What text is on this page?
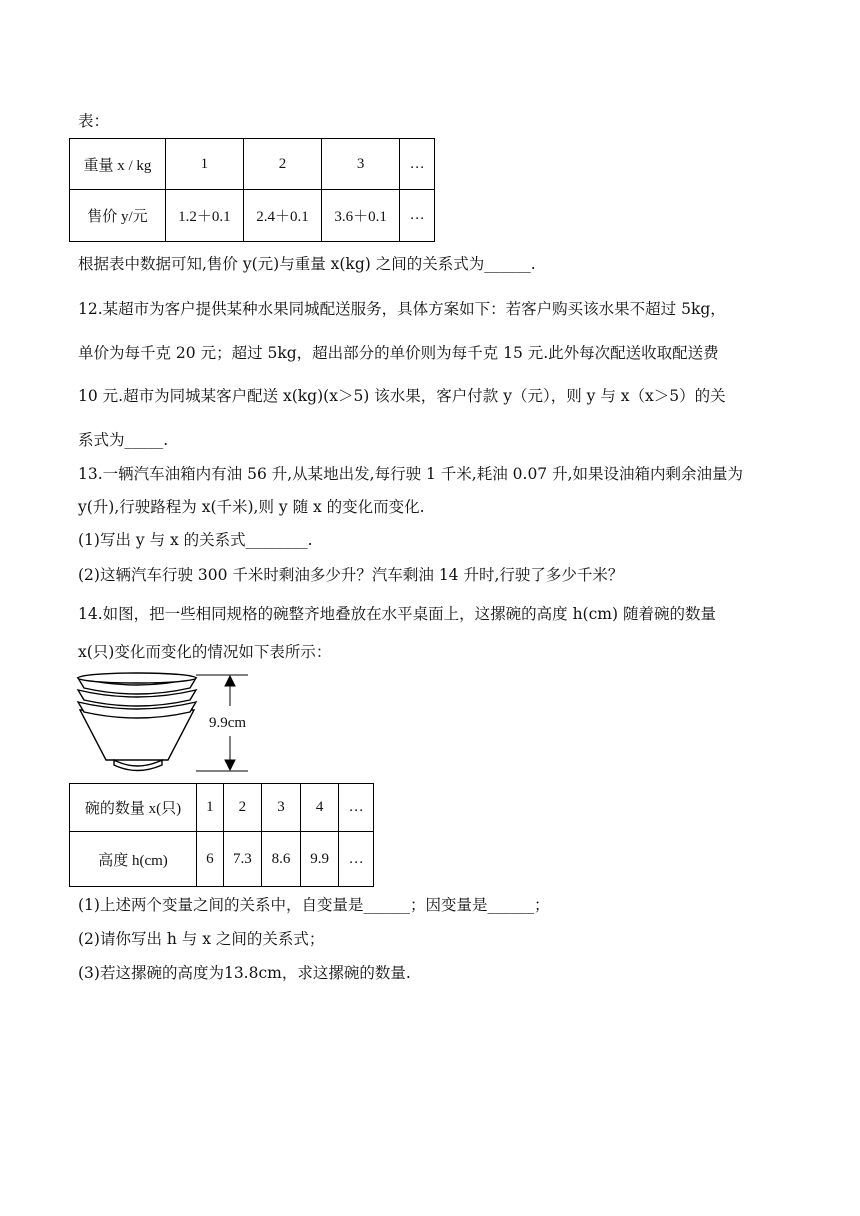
表：
重量 x / kg	1	2	3	…
售价 y/元	1.2＋0.1	2.4＋0.1	3.6＋0.1	…
根据表中数据可知,售价 y(元)与重量 x(kg) 之间的关系式为______.
12.某超市为客户提供某种水果同城配送服务，具体方案如下：若客户购买该水果不超过 5kg，
单价为每千克 20 元；超过 5kg，超出部分的单价则为每千克 15 元.此外每次配送收取配送费
10 元.超市为同城某客户配送 x(kg)(x＞5) 该水果，客户付款 y（元），则 y 与 x（x＞5）的关
系式为_____.
13.一辆汽车油箱内有油 56 升,从某地出发,每行驶 1 千米,耗油 0.07 升,如果设油箱内剩余油量为
y(升),行驶路程为 x(千米),则 y 随 x 的变化而变化.
(1)写出 y 与 x 的关系式________.
(2)这辆汽车行驶 300 千米时剩油多少升？汽车剩油 14 升时,行驶了多少千米？
14.如图，把一些相同规格的碗整齐地叠放在水平桌面上，这摞碗的高度 h(cm) 随着碗的数量
x(只)变化而变化的情况如下表所示：
9.9cm
碗的数量 x(只)	1	2	3	4	…
高度 h(cm)	6	7.3	8.6	9.9	…
(1)上述两个变量之间的关系中，自变量是______；因变量是______；
(2)请你写出 h 与 x 之间的关系式；
(3)若这摞碗的高度为13.8cm，求这摞碗的数量.
